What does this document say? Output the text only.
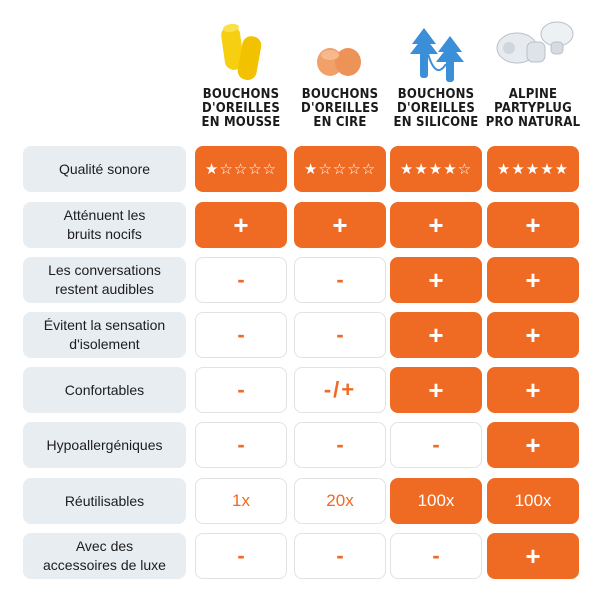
BOUCHONS
D'OREILLES
EN MOUSSE
BOUCHONS
D'OREILLES
EN CIRE
BOUCHONS
D'OREILLES
EN SILICONE
ALPINE
PARTYPLUG
PRO NATURAL
Qualité sonore	★☆☆☆☆ ★☆☆☆☆ ★★★★☆ ★★★★★
Atténuent les
bruits nocifs	+	+	+	+
Les conversations
restent audibles	-	-	+	+
Évitent la sensation
d'isolement	-	-	+	+
Confortables	-	-/+	+	+
Hypoallergéniques	-	-	-	+
Réutilisables	1x	20x	100x	100x
Avec des
accessoires de luxe	-	-	-	+
